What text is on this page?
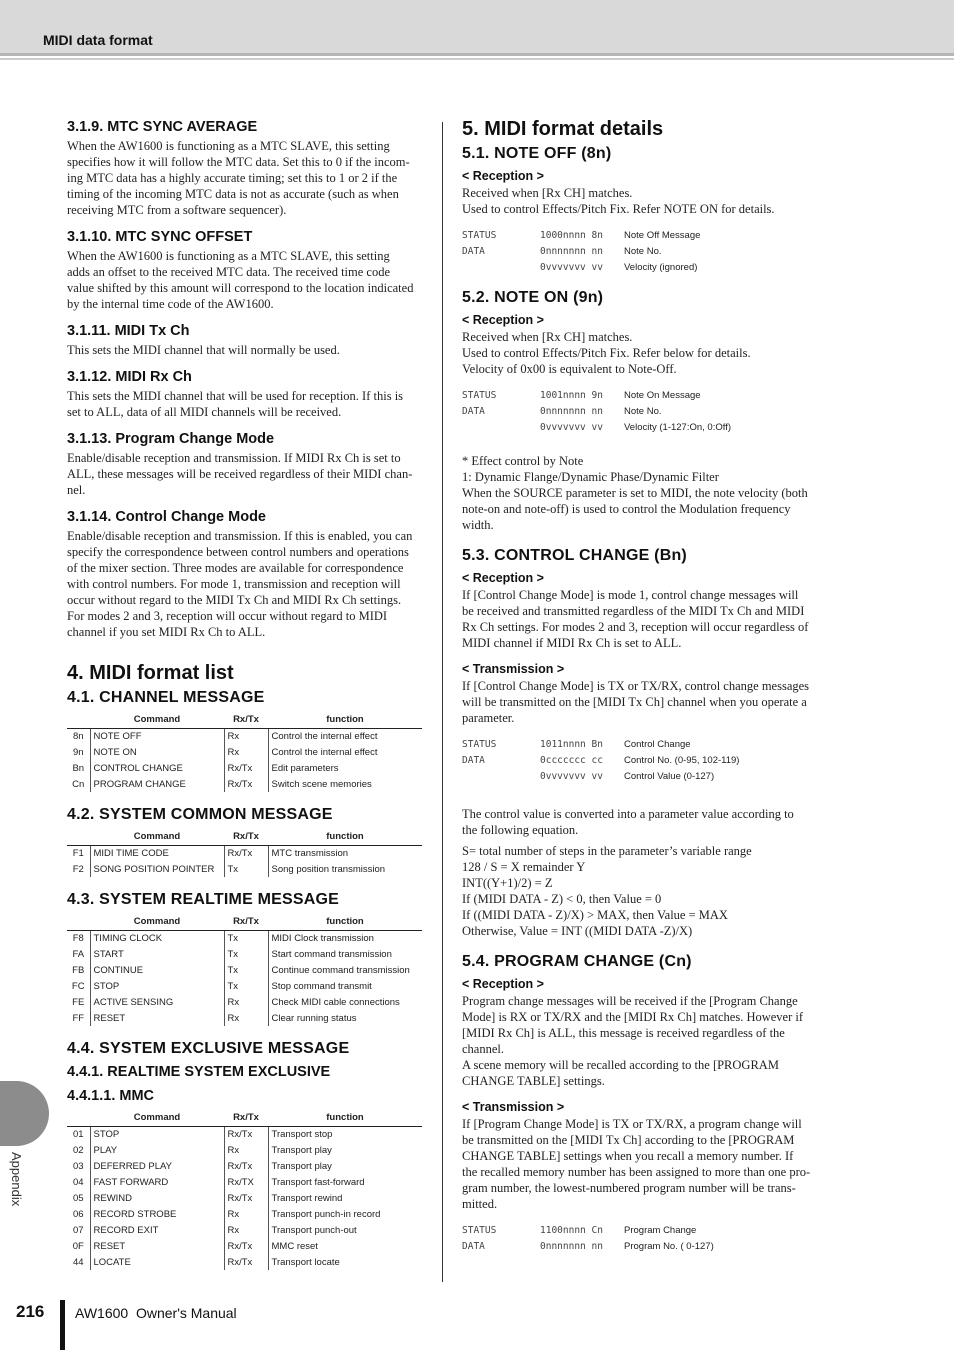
MIDI data format
Appendix
3.1.9. MTC SYNC AVERAGE
When the AW1600 is functioning as a MTC SLAVE, this setting
specifies how it will follow the MTC data. Set this to 0 if the incom-
ing MTC data has a highly accurate timing; set this to 1 or 2 if the
timing of the incoming MTC data is not as accurate (such as when
receiving MTC from a software sequencer).
3.1.10. MTC SYNC OFFSET
When the AW1600 is functioning as a MTC SLAVE, this setting
adds an offset to the received MTC data. The received time code
value shifted by this amount will correspond to the location indicated
by the internal time code of the AW1600.
3.1.11. MIDI Tx Ch
This sets the MIDI channel that will normally be used.
3.1.12. MIDI Rx Ch
This sets the MIDI channel that will be used for reception. If this is
set to ALL, data of all MIDI channels will be received.
3.1.13. Program Change Mode
Enable/disable reception and transmission. If MIDI Rx Ch is set to
ALL, these messages will be received regardless of their MIDI chan-
nel.
3.1.14. Control Change Mode
Enable/disable reception and transmission. If this is enabled, you can
specify the correspondence between control numbers and operations
of the mixer section. Three modes are available for correspondence
with control numbers. For mode 1, transmission and reception will
occur without regard to the MIDI Tx Ch and MIDI Rx Ch settings.
For modes 2 and 3, reception will occur without regard to MIDI
channel if you set MIDI Rx Ch to ALL.
4. MIDI format list
4.1. CHANNEL MESSAGE
	Command	Rx/Tx	function
8n	NOTE OFF	Rx	Control the internal effect
9n	NOTE ON	Rx	Control the internal effect
Bn	CONTROL CHANGE	Rx/Tx	Edit parameters
Cn	PROGRAM CHANGE	Rx/Tx	Switch scene memories
4.2. SYSTEM COMMON MESSAGE
	Command	Rx/Tx	function
F1	MIDI TIME CODE	Rx/Tx	MTC transmission
F2	SONG POSITION POINTER	Tx	Song position transmission
4.3. SYSTEM REALTIME MESSAGE
	Command	Rx/Tx	function
F8	TIMING CLOCK	Tx	MIDI Clock transmission
FA	START	Tx	Start command transmission
FB	CONTINUE	Tx	Continue command transmission
FC	STOP	Tx	Stop command transmit
FE	ACTIVE SENSING	Rx	Check MIDI cable connections
FF	RESET	Rx	Clear running status
4.4. SYSTEM EXCLUSIVE MESSAGE
4.4.1. REALTIME SYSTEM EXCLUSIVE
4.4.1.1. MMC
	Command	Rx/Tx	function
01	STOP	Rx/Tx	Transport stop
02	PLAY	Rx	Transport play
03	DEFERRED PLAY	Rx/Tx	Transport play
04	FAST FORWARD	Rx/TX	Transport fast-forward
05	REWIND	Rx/Tx	Transport rewind
06	RECORD STROBE	Rx	Transport punch-in record
07	RECORD EXIT	Rx	Transport punch-out
0F	RESET	Rx/Tx	MMC reset
44	LOCATE	Rx/Tx	Transport locate
5. MIDI format details
5.1. NOTE OFF (8n)
< Reception >
Received when [Rx CH] matches.
Used to control Effects/Pitch Fix. Refer NOTE ON for details.
STATUS	1000nnnn 8n	Note Off Message
DATA	0nnnnnnn nn	Note No.
0vvvvvvv vv	Velocity (ignored)
5.2. NOTE ON (9n)
< Reception >
Received when [Rx CH] matches.
Used to control Effects/Pitch Fix. Refer below for details.
Velocity of 0x00 is equivalent to Note-Off.
STATUS	1001nnnn 9n	Note On Message
DATA	0nnnnnnn nn	Note No.
0vvvvvvv vv	Velocity (1-127:On, 0:Off)
* Effect control by Note
1: Dynamic Flange/Dynamic Phase/Dynamic Filter
When the SOURCE parameter is set to MIDI, the note velocity (both
note-on and note-off) is used to control the Modulation frequency
width.
5.3. CONTROL CHANGE (Bn)
< Reception >
If [Control Change Mode] is mode 1, control change messages will
be received and transmitted regardless of the MIDI Tx Ch and MIDI
Rx Ch settings. For modes 2 and 3, reception will occur regardless of
MIDI channel if MIDI Rx Ch is set to ALL.
< Transmission >
If [Control Change Mode] is TX or TX/RX, control change messages
will be transmitted on the [MIDI Tx Ch] channel when you operate a
parameter.
STATUS	1011nnnn Bn	Control Change
DATA	0ccccccc cc	Control No. (0-95, 102-119)
0vvvvvvv vv	Control Value (0-127)
The control value is converted into a parameter value according to
the following equation.
S= total number of steps in the parameter’s variable range
128 / S = X remainder Y
INT((Y+1)/2) = Z
If (MIDI DATA - Z) < 0, then Value = 0
If ((MIDI DATA - Z)/X) > MAX, then Value = MAX
Otherwise, Value = INT ((MIDI DATA -Z)/X)
5.4. PROGRAM CHANGE (Cn)
< Reception >
Program change messages will be received if the [Program Change
Mode] is RX or TX/RX and the [MIDI Rx Ch] matches. However if
[MIDI Rx Ch] is ALL, this message is received regardless of the
channel.
A scene memory will be recalled according to the [PROGRAM
CHANGE TABLE] settings.
< Transmission >
If [Program Change Mode] is TX or TX/RX, a program change will
be transmitted on the [MIDI Tx Ch] according to the [PROGRAM
CHANGE TABLE] settings when you recall a memory number. If
the recalled memory number has been assigned to more than one pro-
gram number, the lowest-numbered program number will be trans-
mitted.
STATUS	1100nnnn Cn	Program Change
DATA	0nnnnnnn nn	Program No. ( 0-127)
216 AW1600  Owner's Manual
